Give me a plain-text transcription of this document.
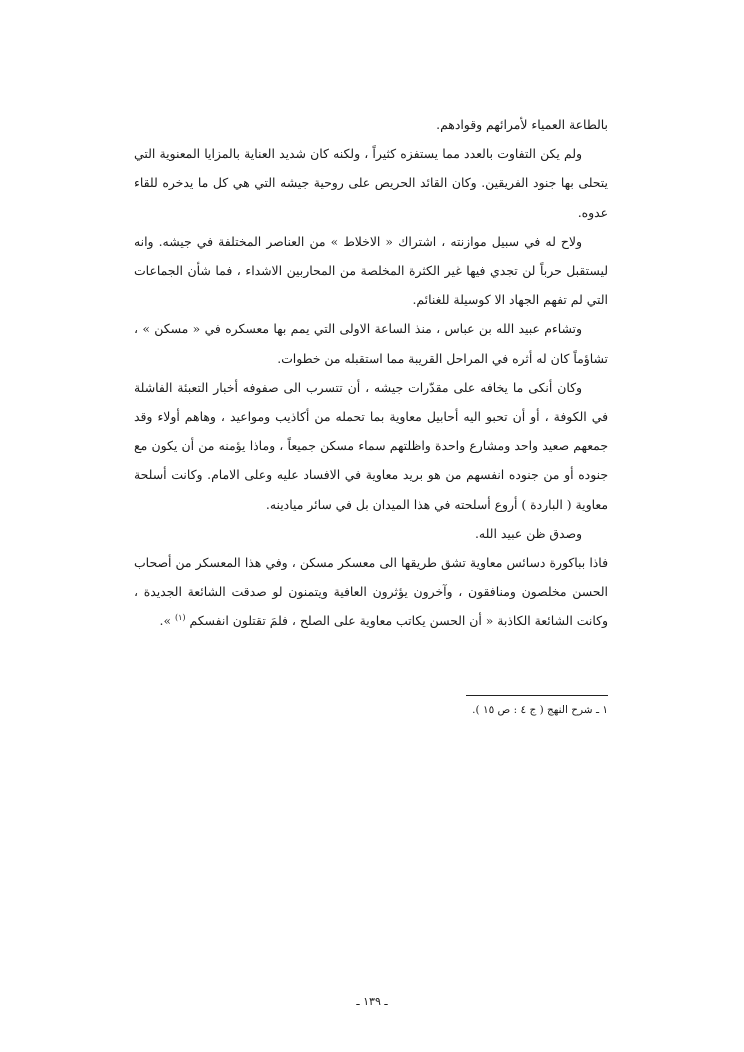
بالطاعة العمياء لأمرائهم وقوادهم.

ولم يكن التفاوت بالعدد مما يستفزه كثيراً ، ولكنه كان شديد العناية بالمزايا المعنوية التي يتحلى بها جنود الفريقين. وكان القائد الحريص على روحية جيشه التي هي كل ما يدخره للقاء عدوه.

ولاح له في سبيل موازنته ، اشتراك « الاخلاط » من العناصر المختلفة في جيشه. وانه ليستقبل حرباً لن تجدي فيها غير الكثرة المخلصة من المحاربين الاشداء ، فما شأن الجماعات التي لم تفهم الجهاد الا كوسيلة للغنائم.

وتشاءم عبيد الله بن عباس ، منذ الساعة الاولى التي يمم بها معسكره في « مسكن » ، تشاؤماً كان له أثره في المراحل القريبة مما استقبله من خطوات.

وكان أنكى ما يخافه على مقدّرات جيشه ، أن تتسرب الى صفوفه أخبار التعبئة الفاشلة في الكوفة ، أو أن تحبو اليه أحابيل معاوية بما تحمله من أكاذيب ومواعيد ، وهاهم أولاء وقد جمعهم صعيد واحد ومشارع واحدة واظلتهم سماء مسكن جميعاً ، وماذا يؤمنه من أن يكون مع جنوده أو من جنوده انفسهم من هو بريد معاوية في الافساد عليه وعلى الامام. وكانت أسلحة معاوية ( الباردة ) أروع أسلحته في هذا الميدان بل في سائر ميادينه.

وصدق ظن عبيد الله.

فاذا بباكورة دسائس معاوية تشق طريقها الى معسكر مسكن ، وفي هذا المعسكر من أصحاب الحسن مخلصون ومنافقون ، وآخرون يؤثرون العافية ويتمنون لو صدقت الشائعة الجديدة ، وكانت الشائعة الكاذبة « أن الحسن يكاتب معاوية على الصلح ، فلمَ تقتلون انفسكم $^{(١)}$ ».

١ ـ شرح النهج ( ج ٤ : ص ١٥ ).
ـ ١٣٩ ـ
